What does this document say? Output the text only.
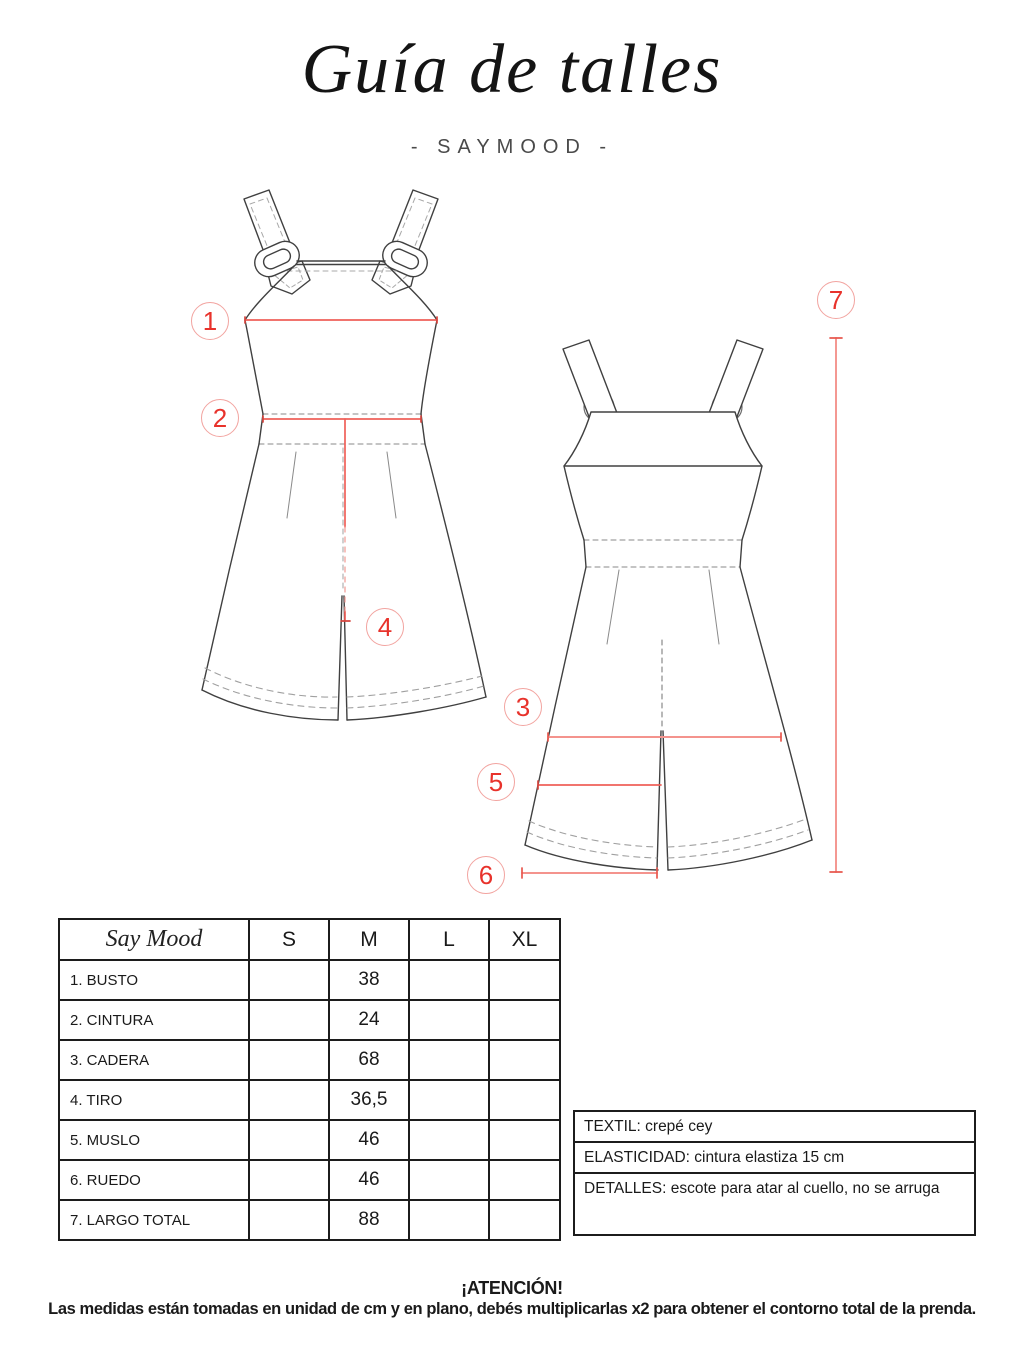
Guía de talles
- SAYMOOD -
1
2
3
4
5
6
7
Say Mood	S	M	L	XL
1. BUSTO		38		
2. CINTURA		24		
3. CADERA		68		
4. TIRO		36,5		
5. MUSLO		46		
6. RUEDO		46		
7. LARGO TOTAL		88		
TEXTIL: crepé cey
ELASTICIDAD: cintura elastiza 15 cm
DETALLES: escote para atar al cuello, no se arruga
¡ATENCIÓN!
Las medidas están tomadas en unidad de cm y en plano, debés multiplicarlas x2 para obtener el contorno total de la prenda.
